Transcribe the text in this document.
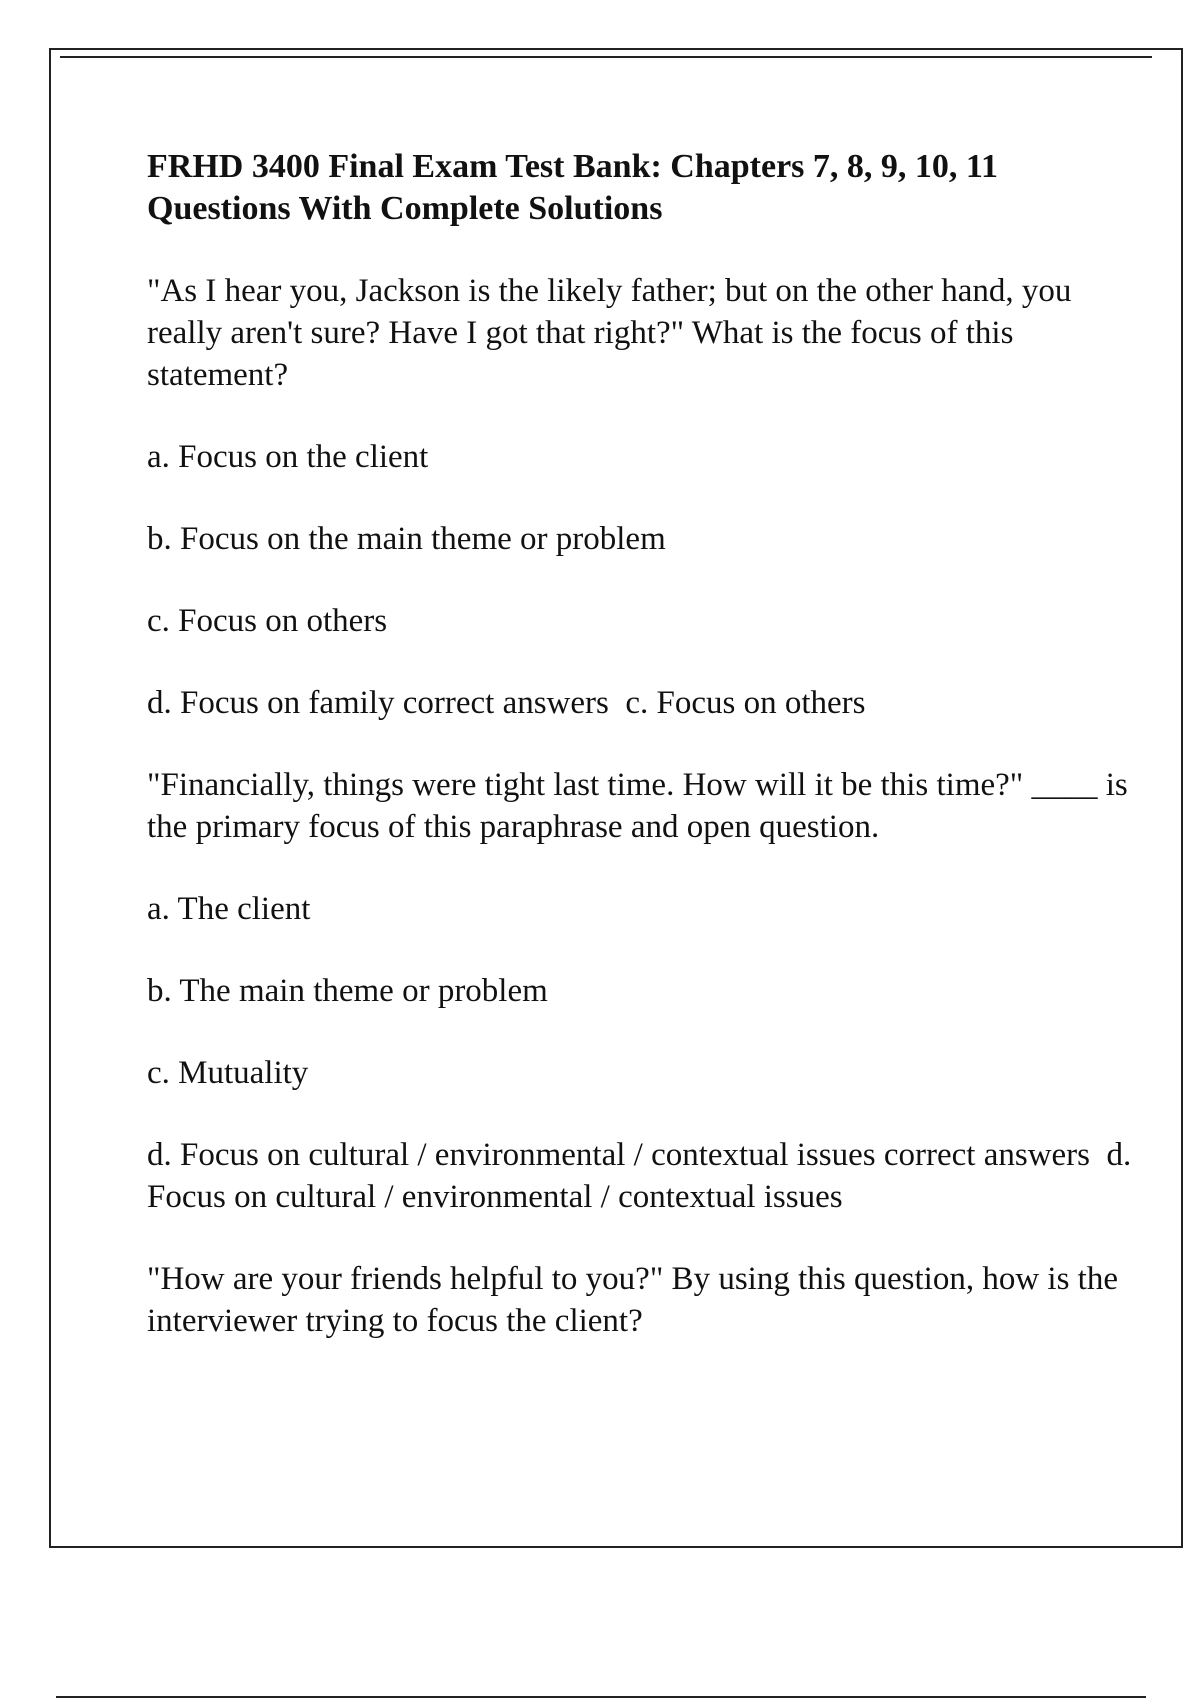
FRHD 3400 Final Exam Test Bank: Chapters 7, 8, 9, 10, 11
Questions With Complete Solutions

"As I hear you, Jackson is the likely father; but on the other hand, you really aren't sure? Have I got that right?" What is the focus of this statement?

a. Focus on the client

b. Focus on the main theme or problem

c. Focus on others

d. Focus on family correct answers  c. Focus on others

"Financially, things were tight last time. How will it be this time?" ____ is the primary focus of this paraphrase and open question.

a. The client

b. The main theme or problem

c. Mutuality

d. Focus on cultural / environmental / contextual issues correct answers  d. Focus on cultural / environmental / contextual issues

"How are your friends helpful to you?" By using this question, how is the interviewer trying to focus the client?
